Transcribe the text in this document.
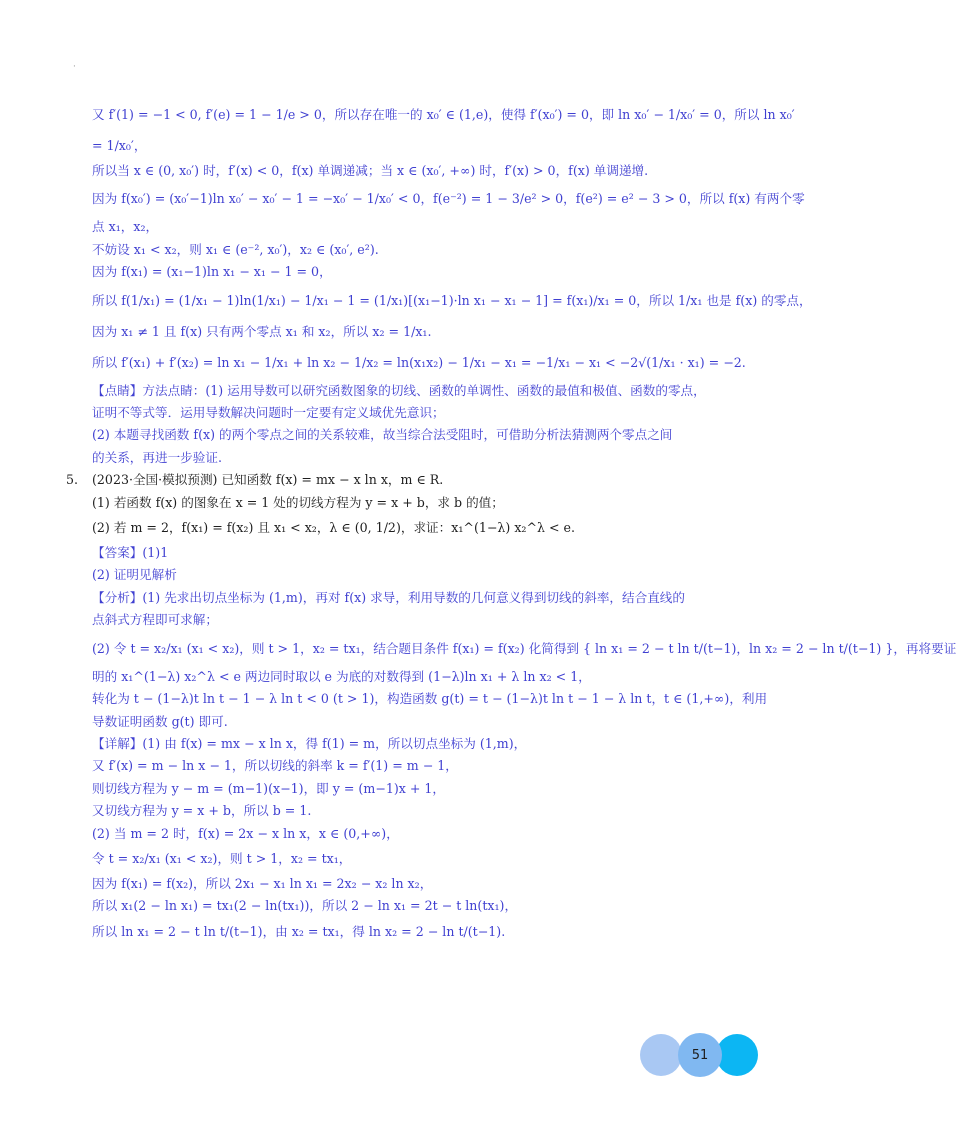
·

又 f′(1) = −1 < 0, f′(e) = 1 − 1/e > 0，所以存在唯一的 x₀′ ∈ (1,e)，使得 f′(x₀′) = 0，即 ln x₀′ − 1/x₀′ = 0，所以 ln x₀′

= 1/x₀′，

所以当 x ∈ (0, x₀′) 时，f′(x) < 0，f(x) 单调递减；当 x ∈ (x₀′, +∞) 时，f′(x) > 0，f(x) 单调递增.

因为 f(x₀′) = (x₀′−1)ln x₀′ − x₀′ − 1 = −x₀′ − 1/x₀′ < 0，f(e⁻²) = 1 − 3/e² > 0，f(e²) = e² − 3 > 0，所以 f(x) 有两个零

点 x₁，x₂，

不妨设 x₁ < x₂，则 x₁ ∈ (e⁻², x₀′)，x₂ ∈ (x₀′, e²).

因为 f(x₁) = (x₁−1)ln x₁ − x₁ − 1 = 0，

所以 f(1/x₁) = (1/x₁ − 1)ln(1/x₁) − 1/x₁ − 1 = (1/x₁)[(x₁−1)·ln x₁ − x₁ − 1] = f(x₁)/x₁ = 0，所以 1/x₁ 也是 f(x) 的零点，

因为 x₁ ≠ 1 且 f(x) 只有两个零点 x₁ 和 x₂，所以 x₂ = 1/x₁.

所以 f′(x₁) + f′(x₂) = ln x₁ − 1/x₁ + ln x₂ − 1/x₂ = ln(x₁x₂) − 1/x₁ − x₁ = −1/x₁ − x₁ < −2√(1/x₁ · x₁) = −2.

【点睛】方法点睛：(1) 运用导数可以研究函数图象的切线、函数的单调性、函数的最值和极值、函数的零点，

证明不等式等．运用导数解决问题时一定要有定义域优先意识；

(2) 本题寻找函数 f(x) 的两个零点之间的关系较难，故当综合法受阻时，可借助分析法猜测两个零点之间

的关系，再进一步验证.

5. (2023·全国·模拟预测) 已知函数 f(x) = mx − x ln x，m ∈ R.

(1) 若函数 f(x) 的图象在 x = 1 处的切线方程为 y = x + b，求 b 的值；

(2) 若 m = 2，f(x₁) = f(x₂) 且 x₁ < x₂，λ ∈ (0, 1/2)，求证：x₁^(1−λ) x₂^λ < e.

【答案】(1)1

(2) 证明见解析

【分析】(1) 先求出切点坐标为 (1,m)，再对 f(x) 求导，利用导数的几何意义得到切线的斜率，结合直线的

点斜式方程即可求解；

(2) 令 t = x₂/x₁ (x₁ < x₂)，则 t > 1，x₂ = tx₁，结合题目条件 f(x₁) = f(x₂) 化简得到 { ln x₁ = 2 − t ln t/(t−1)，ln x₂ = 2 − ln t/(t−1) }，再将要证

明的 x₁^(1−λ) x₂^λ < e 两边同时取以 e 为底的对数得到 (1−λ)ln x₁ + λ ln x₂ < 1，

转化为 t − (1−λ)t ln t − 1 − λ ln t < 0 (t > 1)，构造函数 g(t) = t − (1−λ)t ln t − 1 − λ ln t，t ∈ (1,+∞)，利用

导数证明函数 g(t) 即可.

【详解】(1) 由 f(x) = mx − x ln x，得 f(1) = m，所以切点坐标为 (1,m)，

又 f′(x) = m − ln x − 1，所以切线的斜率 k = f′(1) = m − 1，

则切线方程为 y − m = (m−1)(x−1)，即 y = (m−1)x + 1，

又切线方程为 y = x + b，所以 b = 1.

(2) 当 m = 2 时，f(x) = 2x − x ln x，x ∈ (0,+∞)，

令 t = x₂/x₁ (x₁ < x₂)，则 t > 1，x₂ = tx₁，

因为 f(x₁) = f(x₂)，所以 2x₁ − x₁ ln x₁ = 2x₂ − x₂ ln x₂，

所以 x₁(2 − ln x₁) = tx₁(2 − ln(tx₁))，所以 2 − ln x₁ = 2t − t ln(tx₁)，

所以 ln x₁ = 2 − t ln t/(t−1)，由 x₂ = tx₁，得 ln x₂ = 2 − ln t/(t−1).

51
